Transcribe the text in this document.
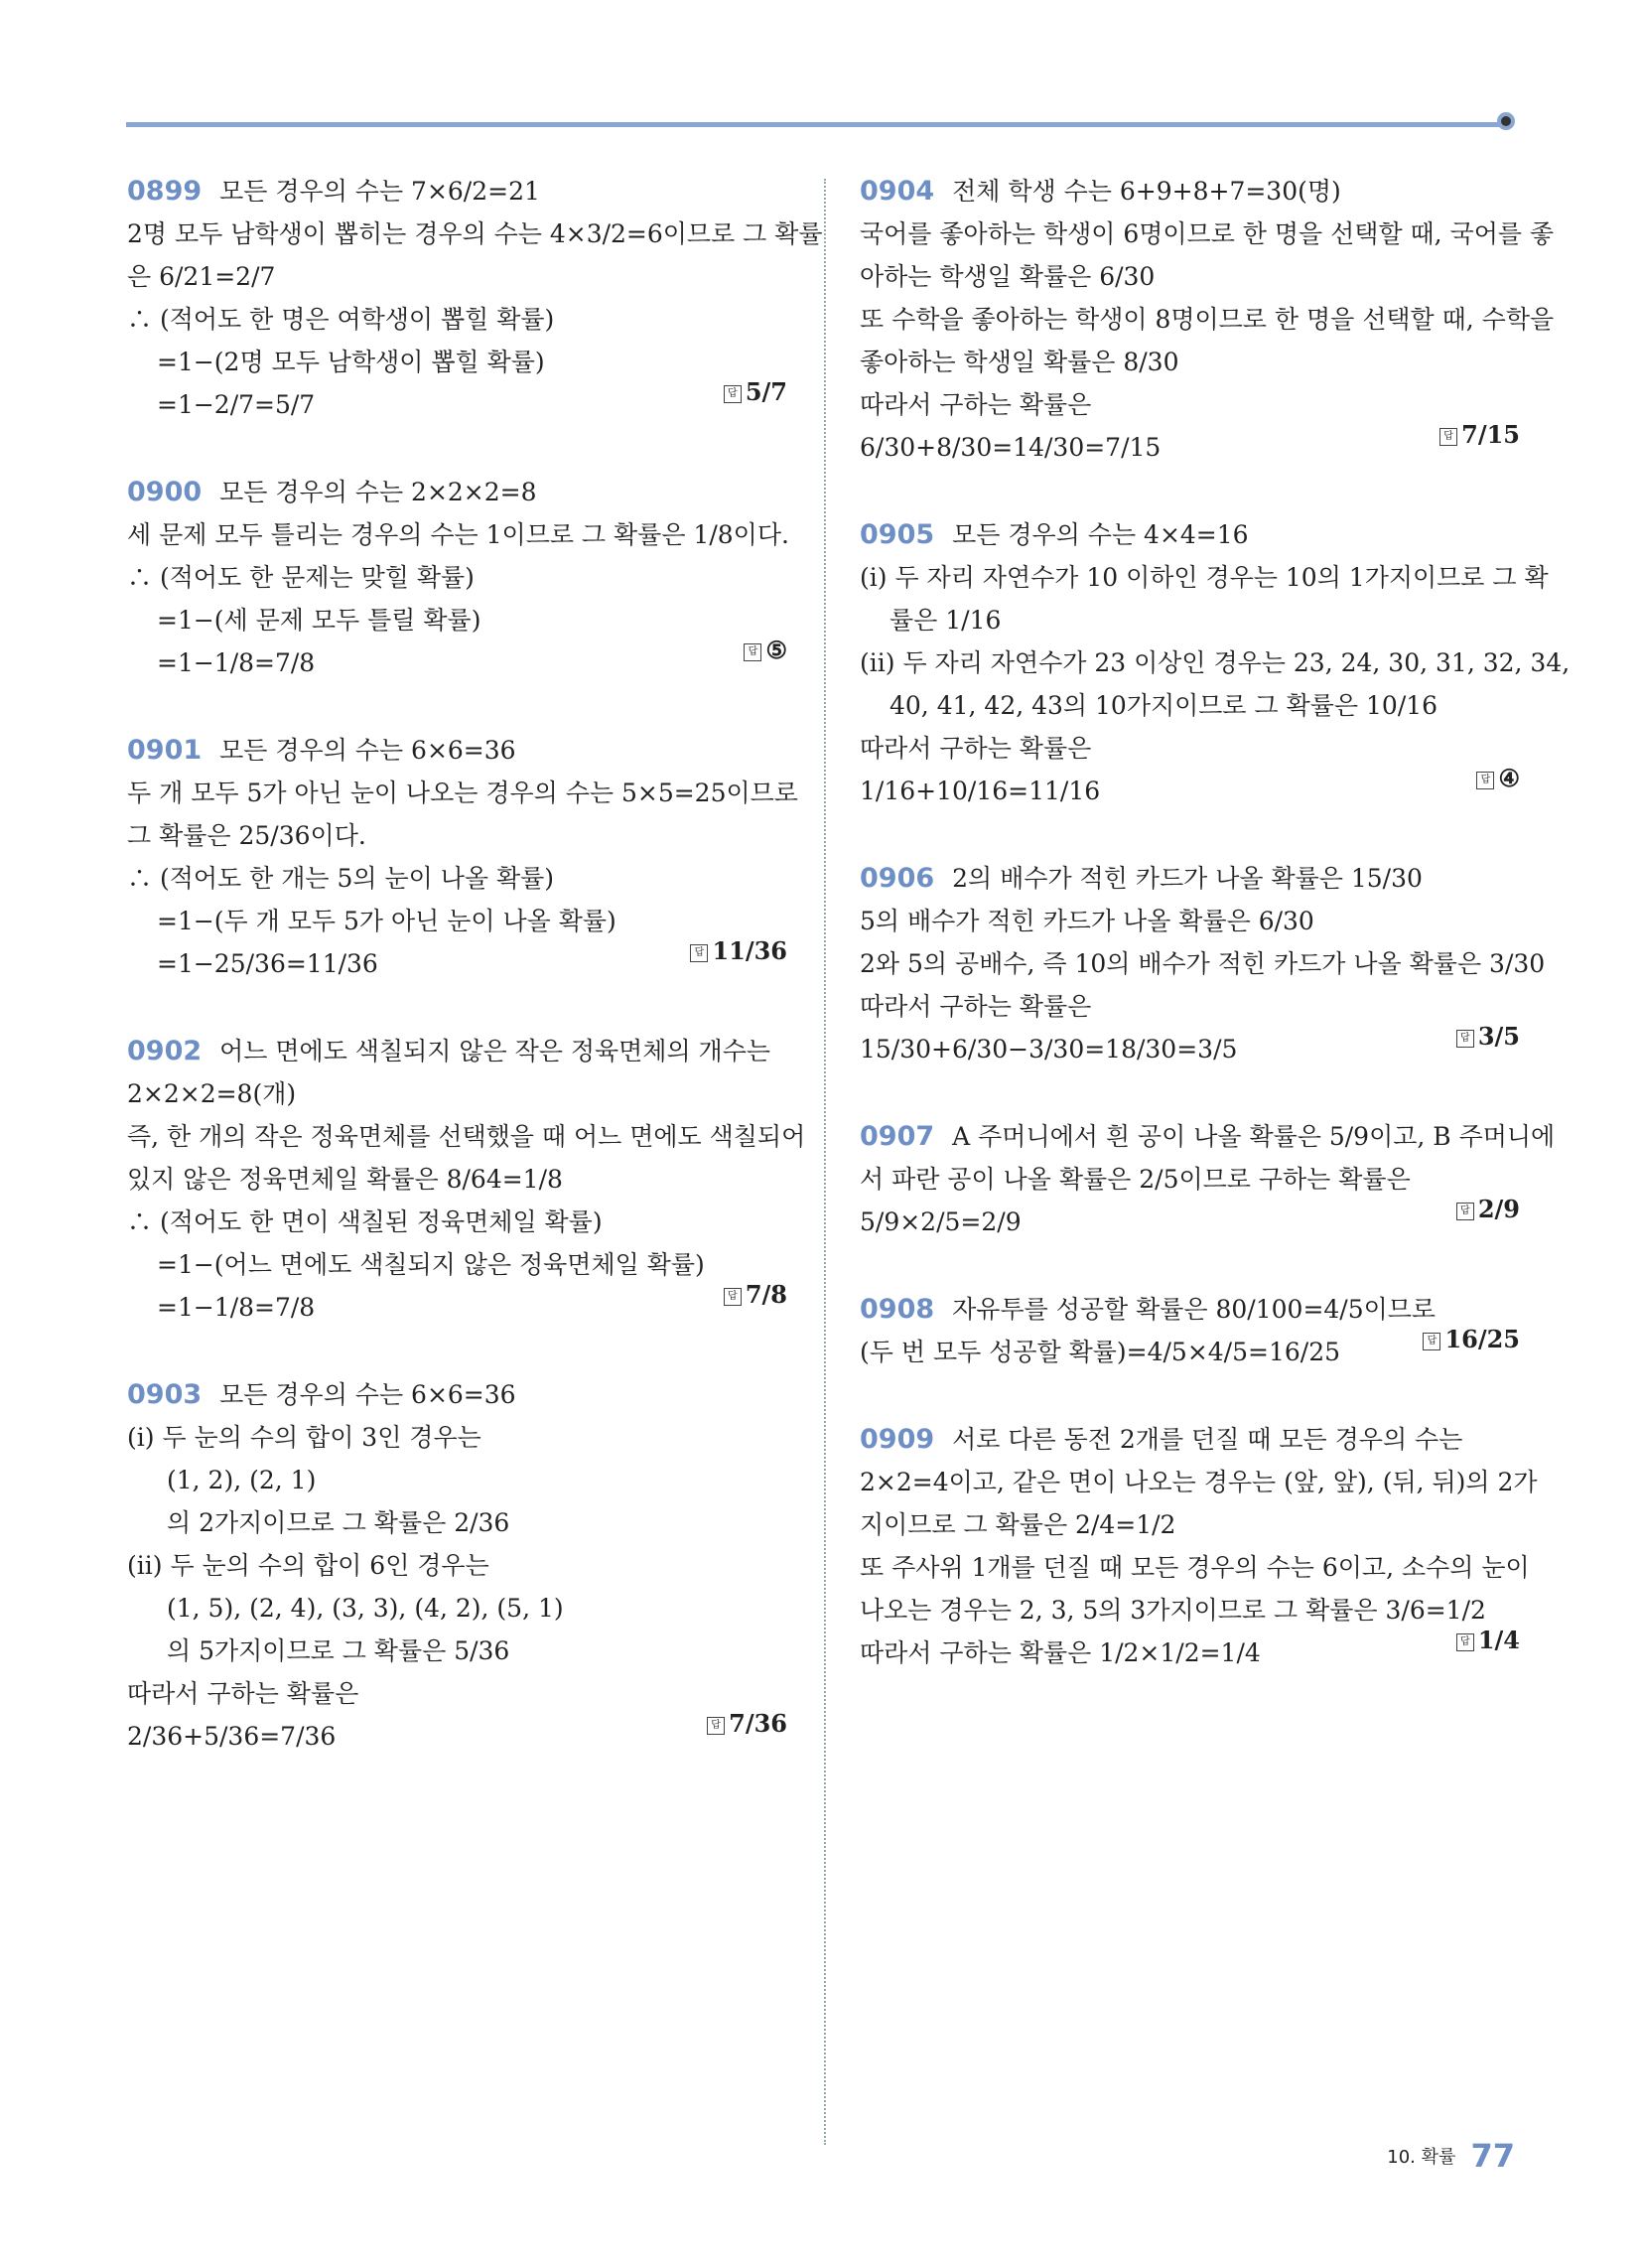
0899 모든 경우의 수는 7×6/2=21
2명 모두 남학생이 뽑히는 경우의 수는 4×3/2=6이므로 그 확률
은 6/21=2/7
∴ (적어도 한 명은 여학생이 뽑힐 확률)
=1−(2명 모두 남학생이 뽑힐 확률)
=1−2/7=5/7	답 5/7
0900 모든 경우의 수는 2×2×2=8
세 문제 모두 틀리는 경우의 수는 1이므로 그 확률은 1/8이다.
∴ (적어도 한 문제는 맞힐 확률)
=1−(세 문제 모두 틀릴 확률)
=1−1/8=7/8	답 ⑤
0901 모든 경우의 수는 6×6=36
두 개 모두 5가 아닌 눈이 나오는 경우의 수는 5×5=25이므로
그 확률은 25/36이다.
∴ (적어도 한 개는 5의 눈이 나올 확률)
=1−(두 개 모두 5가 아닌 눈이 나올 확률)
=1−25/36=11/36	답 11/36
0902 어느 면에도 색칠되지 않은 작은 정육면체의 개수는
2×2×2=8(개)
즉, 한 개의 작은 정육면체를 선택했을 때 어느 면에도 색칠되어
있지 않은 정육면체일 확률은 8/64=1/8
∴ (적어도 한 면이 색칠된 정육면체일 확률)
=1−(어느 면에도 색칠되지 않은 정육면체일 확률)
=1−1/8=7/8	답 7/8
0903 모든 경우의 수는 6×6=36
(i) 두 눈의 수의 합이 3인 경우는
(1, 2), (2, 1)
의 2가지이므로 그 확률은 2/36
(ii) 두 눈의 수의 합이 6인 경우는
(1, 5), (2, 4), (3, 3), (4, 2), (5, 1)
의 5가지이므로 그 확률은 5/36
따라서 구하는 확률은
2/36+5/36=7/36	답 7/36
0904 전체 학생 수는 6+9+8+7=30(명)
국어를 좋아하는 학생이 6명이므로 한 명을 선택할 때, 국어를 좋
아하는 학생일 확률은 6/30
또 수학을 좋아하는 학생이 8명이므로 한 명을 선택할 때, 수학을
좋아하는 학생일 확률은 8/30
따라서 구하는 확률은
6/30+8/30=14/30=7/15	답 7/15
0905 모든 경우의 수는 4×4=16
(i) 두 자리 자연수가 10 이하인 경우는 10의 1가지이므로 그 확
률은 1/16
(ii) 두 자리 자연수가 23 이상인 경우는 23, 24, 30, 31, 32, 34,
40, 41, 42, 43의 10가지이므로 그 확률은 10/16
따라서 구하는 확률은
1/16+10/16=11/16	답 ④
0906 2의 배수가 적힌 카드가 나올 확률은 15/30
5의 배수가 적힌 카드가 나올 확률은 6/30
2와 5의 공배수, 즉 10의 배수가 적힌 카드가 나올 확률은 3/30
따라서 구하는 확률은
15/30+6/30−3/30=18/30=3/5	답 3/5
0907 A 주머니에서 흰 공이 나올 확률은 5/9이고, B 주머니에
서 파란 공이 나올 확률은 2/5이므로 구하는 확률은
5/9×2/5=2/9	답 2/9
0908 자유투를 성공할 확률은 80/100=4/5이므로
(두 번 모두 성공할 확률)=4/5×4/5=16/25	답 16/25
0909 서로 다른 동전 2개를 던질 때 모든 경우의 수는
2×2=4이고, 같은 면이 나오는 경우는 (앞, 앞), (뒤, 뒤)의 2가
지이므로 그 확률은 2/4=1/2
또 주사위 1개를 던질 때 모든 경우의 수는 6이고, 소수의 눈이
나오는 경우는 2, 3, 5의 3가지이므로 그 확률은 3/6=1/2
따라서 구하는 확률은 1/2×1/2=1/4	답 1/4
10. 확률 77
